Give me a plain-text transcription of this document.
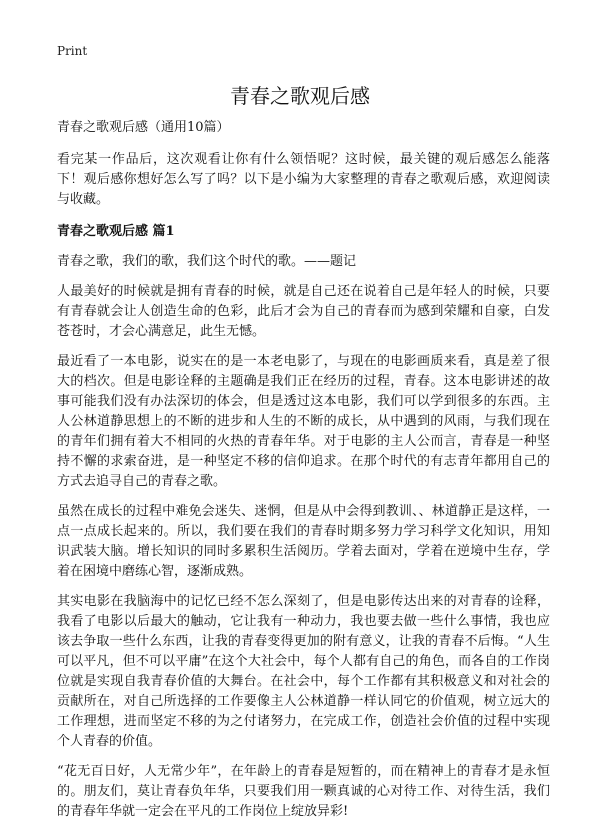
Print
青春之歌观后感
青春之歌观后感（通用10篇）

看完某一作品后，这次观看让你有什么领悟呢？这时候，最关键的观后感怎么能落下！观后感你想好怎么写了吗？以下是小编为大家整理的青春之歌观后感，欢迎阅读与收藏。

青春之歌观后感 篇1

青春之歌，我们的歌，我们这个时代的歌。——题记

人最美好的时候就是拥有青春的时候，就是自己还在说着自己是年轻人的时候，只要有青春就会让人创造生命的色彩，此后才会为自己的青春而为感到荣耀和自豪，白发苍苍时，才会心满意足，此生无憾。

最近看了一本电影，说实在的是一本老电影了，与现在的电影画质来看，真是差了很大的档次。但是电影诠释的主题确是我们正在经历的过程，青春。这本电影讲述的故事可能我们没有办法深切的体会，但是透过这本电影，我们可以学到很多的东西。主人公林道静思想上的不断的进步和人生的不断的成长，从中遇到的风雨，与我们现在的青年们拥有着大不相同的火热的青春年华。对于电影的主人公而言，青春是一种坚持不懈的求索奋进，是一种坚定不移的信仰追求。在那个时代的有志青年都用自己的方式去追寻自己的青春之歌。

虽然在成长的过程中难免会迷失、迷惘，但是从中会得到教训、、林道静正是这样，一点一点成长起来的。所以，我们要在我们的青春时期多努力学习科学文化知识，用知识武装大脑。增长知识的同时多累积生活阅历。学着去面对，学着在逆境中生存，学着在困境中磨练心智，逐渐成熟。

其实电影在我脑海中的记忆已经不怎么深刻了，但是电影传达出来的对青春的诠释，我看了电影以后最大的触动，它让我有一种动力，我也要去做一些什么事情，我也应该去争取一些什么东西，让我的青春变得更加的附有意义，让我的青春不后悔。“人生可以平凡，但不可以平庸”在这个大社会中，每个人都有自己的角色，而各自的工作岗位就是实现自我青春价值的大舞台。在社会中，每个工作都有其积极意义和对社会的贡献所在，对自己所选择的工作要像主人公林道静一样认同它的价值观，树立远大的工作理想，进而坚定不移的为之付诸努力，在完成工作，创造社会价值的过程中实现个人青春的价值。

“花无百日好，人无常少年”，在年龄上的青春是短暂的，而在精神上的青春才是永恒的。朋友们，莫让青春负年华，只要我们用一颗真诚的心对待工作、对待生活，我们的青春年华就一定会在平凡的工作岗位上绽放异彩!
